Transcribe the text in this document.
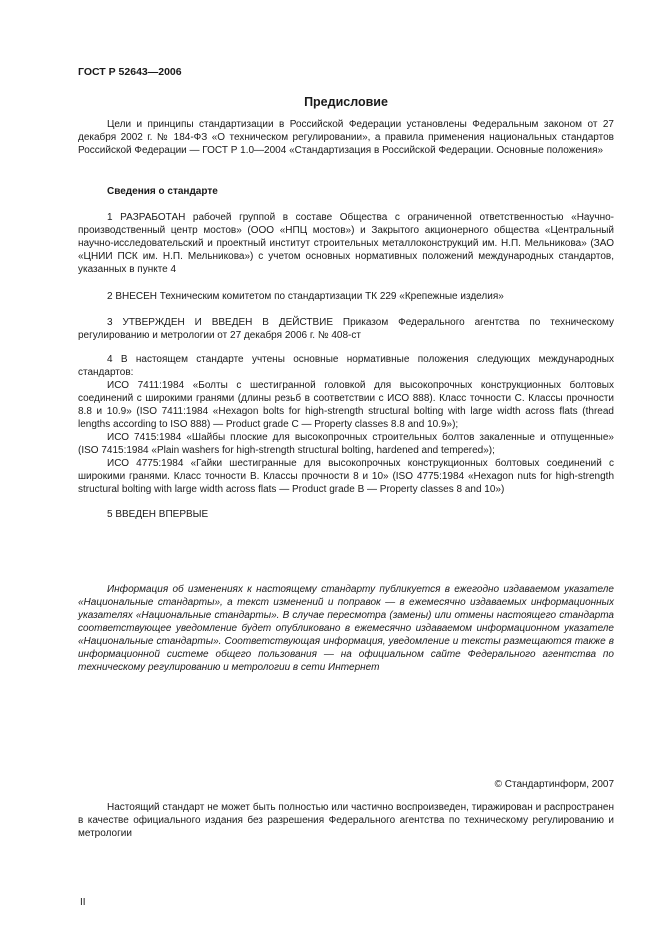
ГОСТ Р 52643—2006
Предисловие

Цели и принципы стандартизации в Российской Федерации установлены Федеральным законом от 27 декабря 2002 г. № 184-ФЗ «О техническом регулировании», а правила применения национальных стандартов Российской Федерации — ГОСТ Р 1.0—2004 «Стандартизация в Российской Федерации. Основные положения»

Сведения о стандарте

1 РАЗРАБОТАН рабочей группой в составе Общества с ограниченной ответственностью «Научно-производственный центр мостов» (ООО «НПЦ мостов») и Закрытого акционерного общества «Центральный научно-исследовательский и проектный институт строительных металлоконструкций им. Н.П. Мельникова» (ЗАО «ЦНИИ ПСК им. Н.П. Мельникова») с учетом основных нормативных положений международных стандартов, указанных в пункте 4

2 ВНЕСЕН Техническим комитетом по стандартизации ТК 229 «Крепежные изделия»

3 УТВЕРЖДЕН И ВВЕДЕН В ДЕЙСТВИЕ Приказом Федерального агентства по техническому регулированию и метрологии от 27 декабря 2006 г. № 408-ст

4 В настоящем стандарте учтены основные нормативные положения следующих международных стандартов:

ИСО 7411:1984 «Болты с шестигранной головкой для высокопрочных конструкционных болтовых соединений с широкими гранями (длины резьб в соответствии с ИСО 888). Класс точности С. Классы прочности 8.8 и 10.9» (ISO 7411:1984 «Hexagon bolts for high-strength structural bolting with large width across flats (thread lengths according to ISO 888) — Product grade C — Property classes 8.8 and 10.9»);

ИСО 7415:1984 «Шайбы плоские для высокопрочных строительных болтов закаленные и отпущенные» (ISO 7415:1984 «Plain washers for high-strength structural bolting, hardened and tempered»);

ИСО 4775:1984 «Гайки шестигранные для высокопрочных конструкционных болтовых соединений с широкими гранями. Класс точности В. Классы прочности 8 и 10» (ISO 4775:1984 «Hexagon nuts for high-strength structural bolting with large width across flats — Product grade B — Property classes 8 and 10»)

5 ВВЕДЕН ВПЕРВЫЕ

Информация об изменениях к настоящему стандарту публикуется в ежегодно издаваемом указателе «Национальные стандарты», а текст изменений и поправок — в ежемесячно издаваемых информационных указателях «Национальные стандарты». В случае пересмотра (замены) или отмены настоящего стандарта соответствующее уведомление будет опубликовано в ежемесячно издаваемом информационном указателе «Национальные стандарты». Соответствующая информация, уведомление и тексты размещаются также в информационной системе общего пользования — на официальном сайте Федерального агентства по техническому регулированию и метрологии в сети Интернет

© Стандартинформ, 2007

Настоящий стандарт не может быть полностью или частично воспроизведен, тиражирован и распространен в качестве официального издания без разрешения Федерального агентства по техническому регулированию и метрологии

II
